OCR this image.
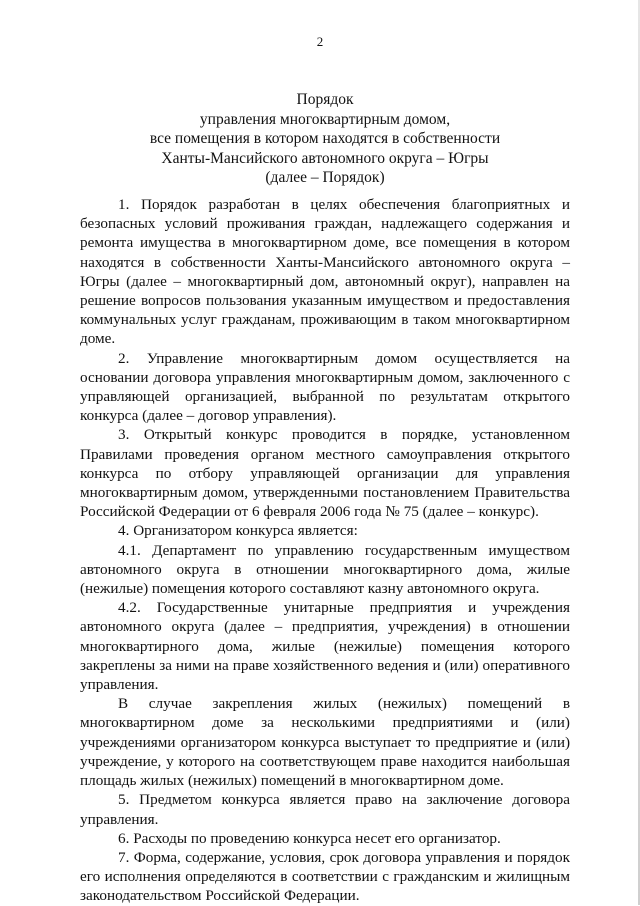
2
Порядок
управления многоквартирным домом,
все помещения в котором находятся в собственности
Ханты-Мансийского автономного округа – Югры
(далее – Порядок)

1. Порядок разработан в целях обеспечения благоприятных и безопасных условий проживания граждан, надлежащего содержания и ремонта имущества в многоквартирном доме, все помещения в котором находятся в собственности Ханты-Мансийского автономного округа – Югры (далее – многоквартирный дом, автономный округ), направлен на решение вопросов пользования указанным имуществом и предоставления коммунальных услуг гражданам, проживающим в таком многоквартирном доме.

2. Управление многоквартирным домом осуществляется на основании договора управления многоквартирным домом, заключенного с управляющей организацией, выбранной по результатам открытого конкурса (далее – договор управления).

3. Открытый конкурс проводится в порядке, установленном Правилами проведения органом местного самоуправления открытого конкурса по отбору управляющей организации для управления многоквартирным домом, утвержденными постановлением Правительства Российской Федерации от 6 февраля 2006 года № 75 (далее – конкурс).

4. Организатором конкурса является:

4.1. Департамент по управлению государственным имуществом автономного округа в отношении многоквартирного дома, жилые (нежилые) помещения которого составляют казну автономного округа.

4.2. Государственные унитарные предприятия и учреждения автономного округа (далее – предприятия, учреждения) в отношении многоквартирного дома, жилые (нежилые) помещения которого закреплены за ними на праве хозяйственного ведения и (или) оперативного управления.

В случае закрепления жилых (нежилых) помещений в многоквартирном доме за несколькими предприятиями и (или) учреждениями организатором конкурса выступает то предприятие и (или) учреждение, у которого на соответствующем праве находится наибольшая площадь жилых (нежилых) помещений в многоквартирном доме.

5. Предметом конкурса является право на заключение договора управления.

6. Расходы по проведению конкурса несет его организатор.

7. Форма, содержание, условия, срок договора управления и порядок его исполнения определяются в соответствии с гражданским и жилищным законодательством Российской Федерации.
